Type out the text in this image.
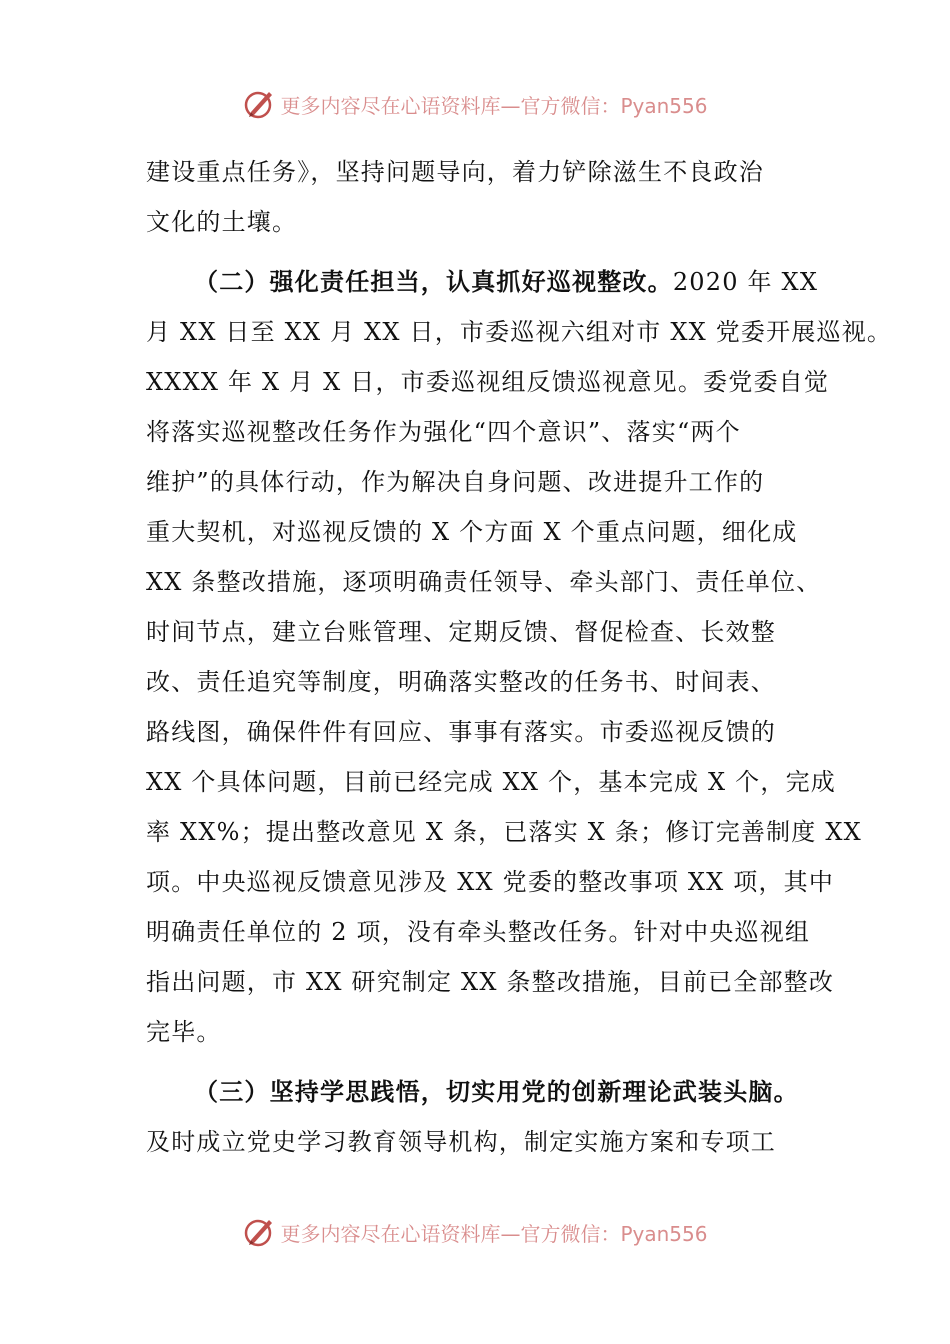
更多内容尽在心语资料库—官方微信：Pyan556
建设重点任务》，坚持问题导向，着力铲除滋生不良政治
文化的土壤。
（二）强化责任担当，认真抓好巡视整改。2020 年 XX
月 XX 日至 XX 月 XX 日，市委巡视六组对市 XX 党委开展巡视。
XXXX 年 X 月 X 日，市委巡视组反馈巡视意见。委党委自觉
将落实巡视整改任务作为强化“四个意识”、落实“两个
维护”的具体行动，作为解决自身问题、改进提升工作的
重大契机，对巡视反馈的 X 个方面 X 个重点问题，细化成
XX 条整改措施，逐项明确责任领导、牵头部门、责任单位、
时间节点，建立台账管理、定期反馈、督促检查、长效整
改、责任追究等制度，明确落实整改的任务书、时间表、
路线图，确保件件有回应、事事有落实。市委巡视反馈的
XX 个具体问题，目前已经完成 XX 个，基本完成 X 个，完成
率 XX%；提出整改意见 X 条，已落实 X 条；修订完善制度 XX
项。中央巡视反馈意见涉及 XX 党委的整改事项 XX 项，其中
明确责任单位的 2 项，没有牵头整改任务。针对中央巡视组
指出问题，市 XX 研究制定 XX 条整改措施，目前已全部整改
完毕。
（三）坚持学思践悟，切实用党的创新理论武装头脑。
及时成立党史学习教育领导机构，制定实施方案和专项工
更多内容尽在心语资料库—官方微信：Pyan556
